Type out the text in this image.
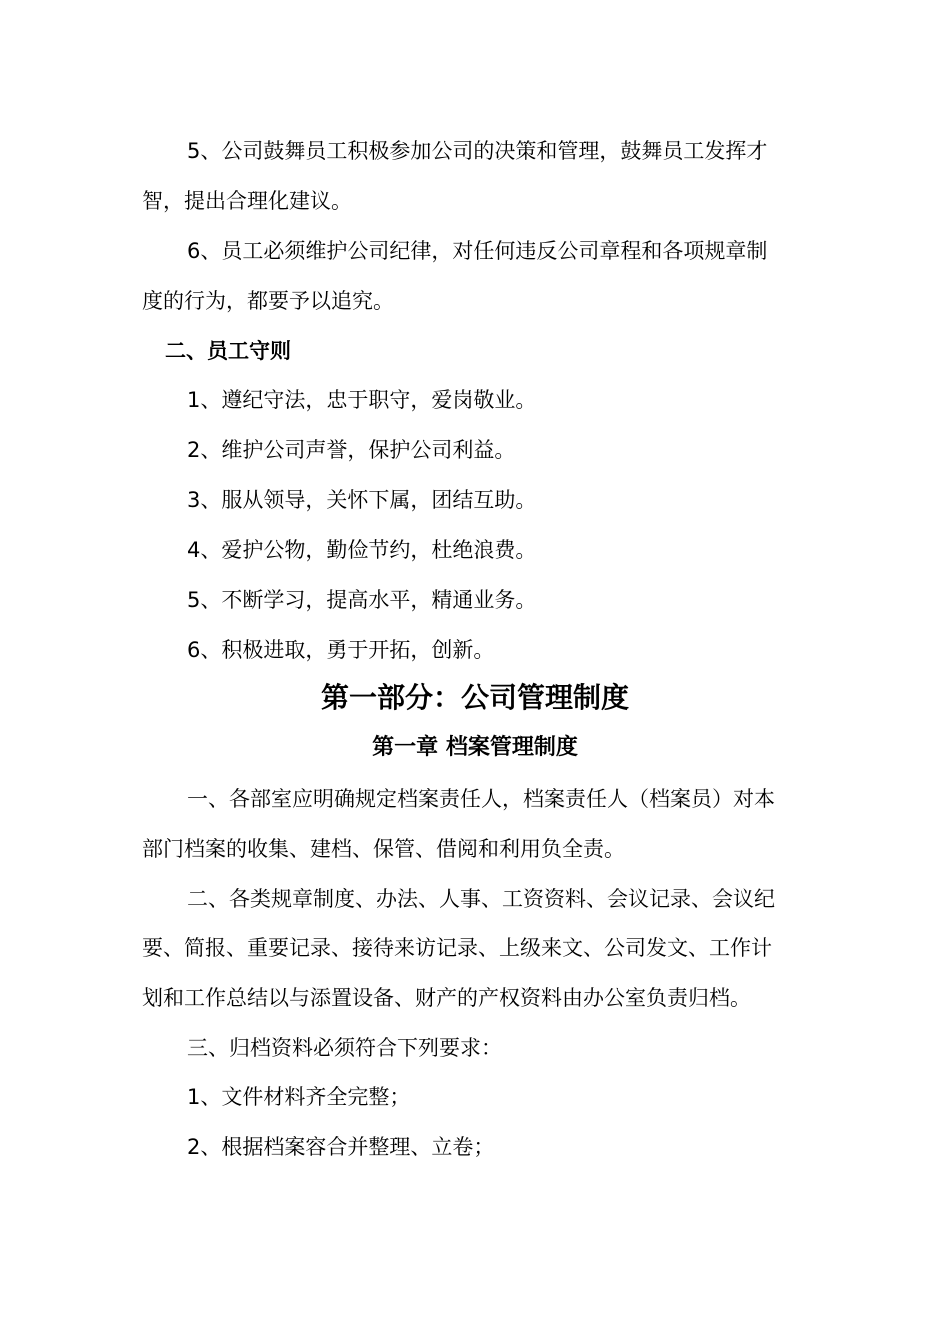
5、公司鼓舞员工积极参加公司的决策和管理，鼓舞员工发挥才
智，提出合理化建议。
6、员工必须维护公司纪律，对任何违反公司章程和各项规章制
度的行为，都要予以追究。
二、员工守则
1、遵纪守法，忠于职守，爱岗敬业。
2、维护公司声誉，保护公司利益。
3、服从领导，关怀下属，团结互助。
4、爱护公物，勤俭节约，杜绝浪费。
5、不断学习，提高水平，精通业务。
6、积极进取，勇于开拓，创新。
第一部分：公司管理制度
第一章 档案管理制度
一、各部室应明确规定档案责任人，档案责任人（档案员）对本
部门档案的收集、建档、保管、借阅和利用负全责。
二、各类规章制度、办法、人事、工资资料、会议记录、会议纪
要、简报、重要记录、接待来访记录、上级来文、公司发文、工作计
划和工作总结以与添置设备、财产的产权资料由办公室负责归档。
三、归档资料必须符合下列要求：
1、文件材料齐全完整；
2、根据档案容合并整理、立卷；
